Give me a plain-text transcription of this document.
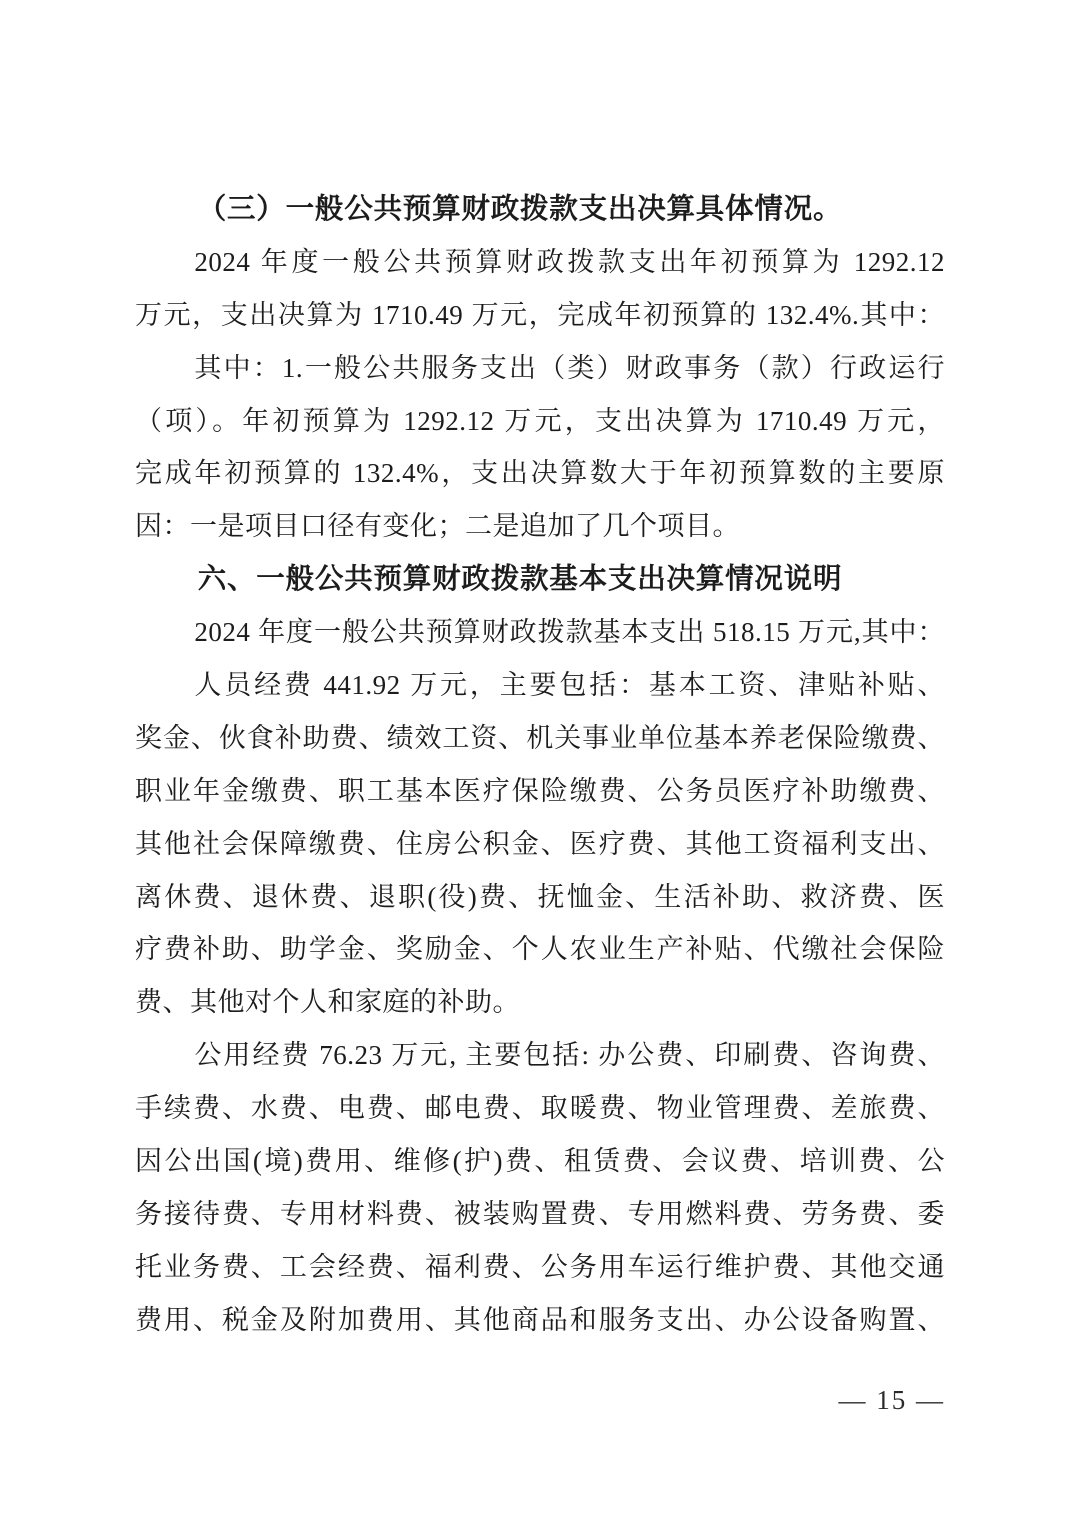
（三）一般公共预算财政拨款支出决算具体情况。
2024 年度一般公共预算财政拨款支出年初预算为 1292.12
万元，支出决算为 1710.49 万元，完成年初预算的 132.4%.其中：
其中：1.一般公共服务支出（类）财政事务（款）行政运行
（项）。年初预算为 1292.12 万元，支出决算为 1710.49 万元，
完成年初预算的 132.4%，支出决算数大于年初预算数的主要原
因：一是项目口径有变化；二是追加了几个项目。
六、一般公共预算财政拨款基本支出决算情况说明
2024 年度一般公共预算财政拨款基本支出 518.15 万元,其中：
人员经费 441.92 万元，主要包括：基本工资、津贴补贴、
奖金、伙食补助费、绩效工资、机关事业单位基本养老保险缴费、
职业年金缴费、职工基本医疗保险缴费、公务员医疗补助缴费、
其他社会保障缴费、住房公积金、医疗费、其他工资福利支出、
离休费、退休费、退职(役)费、抚恤金、生活补助、救济费、医
疗费补助、助学金、奖励金、个人农业生产补贴、代缴社会保险
费、其他对个人和家庭的补助。
公用经费 76.23 万元, 主要包括: 办公费、印刷费、咨询费、
手续费、水费、电费、邮电费、取暖费、物业管理费、差旅费、
因公出国(境)费用、维修(护)费、租赁费、会议费、培训费、公
务接待费、专用材料费、被装购置费、专用燃料费、劳务费、委
托业务费、工会经费、福利费、公务用车运行维护费、其他交通
费用、税金及附加费用、其他商品和服务支出、办公设备购置、
— 15 —
